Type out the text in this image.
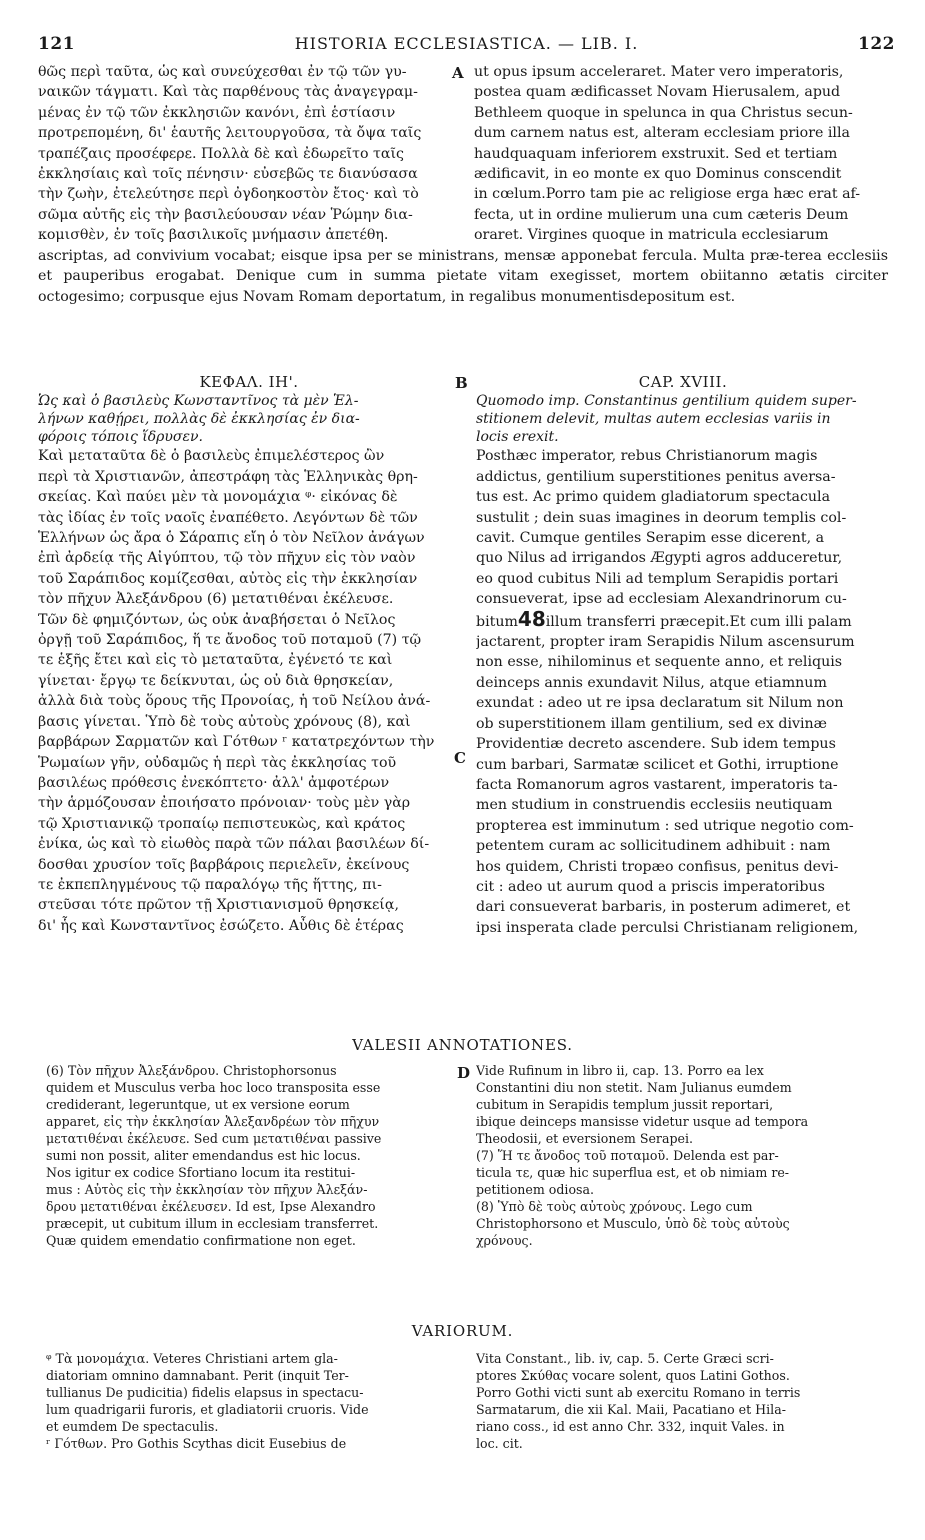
121	HISTORIA ECCLESIASTICA. — LIB. I.	122
θῶς περὶ ταῦτα, ὡς καὶ συνεύχεσθαι ἐν τῷ τῶν γυ-
ναικῶν τάγματι. Καὶ τὰς παρθένους τὰς ἀναγεγραμ-
μένας ἐν τῷ τῶν ἐκκλησιῶν κανόνι, ἐπὶ ἑστίασιν
προτρεπομένη, δι' ἑαυτῆς λειτουργοῦσα, τὰ ὄψα ταῖς
τραπέζαις προσέφερε. Πολλὰ δὲ καὶ ἐδωρεῖτο ταῖς
ἐκκλησίαις καὶ τοῖς πένησιν· εὐσεβῶς τε διανύσασα
τὴν ζωὴν, ἐτελεύτησε περὶ ὀγδοηκοστὸν ἔτος· καὶ τὸ
σῶμα αὐτῆς εἰς τὴν βασιλεύουσαν νέαν Ῥώμην δια-
κομισθὲν, ἐν τοῖς βασιλικοῖς μνήμασιν ἀπετέθη.
A ut opus ipsum acceleraret. Mater vero imperatoris,
postea quam ædificasset Novam Hierusalem, apud
Bethleem quoque in spelunca in qua Christus secun-
dum carnem natus est, alteram ecclesiam priore illa
haudquaquam inferiorem exstruxit. Sed et tertiam
ædificavit, in eo monte ex quo Dominus conscendit
in cœlum.Porro tam pie ac religiose erga hæc erat af-
fecta, ut in ordine mulierum una cum cæteris Deum
oraret. Virgines quoque in matricula ecclesiarum
ascriptas, ad convivium vocabat; eisque ipsa per se ministrans, mensæ apponebat fercula. Multa præ-terea ecclesiis et pauperibus erogabat. Denique cum in summa pietate vitam exegisset, mortem obiitanno ætatis circiter octogesimo; corpusque ejus Novam Romam deportatum, in regalibus monumentisdepositum est.
ΚΕΦΑΛ. ΙΗ'.
Ὡς καὶ ὁ βασιλεὺς Κωνσταντῖνος τὰ μὲν Ἑλ-
λήνων καθῄρει, πολλὰς δὲ ἐκκλησίας ἐν δια-
φόροις τόποις ἵδρυσεν.
Καὶ μεταταῦτα δὲ ὁ βασιλεὺς ἐπιμελέστερος ὢν
περὶ τὰ Χριστιανῶν, ἀπεστράφη τὰς Ἑλληνικὰς θρη-
σκείας. Καὶ παύει μὲν τὰ μονομάχια ᵠ· εἰκόνας δὲ
τὰς ἰδίας ἐν τοῖς ναοῖς ἐναπέθετο. Λεγόντων δὲ τῶν
Ἑλλήνων ὡς ἄρα ὁ Σάραπις εἴη ὁ τὸν Νεῖλον ἀνάγων
ἐπὶ ἀρδείᾳ τῆς Αἰγύπτου, τῷ τὸν πῆχυν εἰς τὸν ναὸν
τοῦ Σαράπιδος κομίζεσθαι, αὐτὸς εἰς τὴν ἐκκλησίαν
τὸν πῆχυν Ἀλεξάνδρου (6) μετατιθέναι ἐκέλευσε.
Τῶν δὲ φημιζόντων, ὡς οὐκ ἀναβήσεται ὁ Νεῖλος
ὀργῇ τοῦ Σαράπιδος, ἥ τε ἄνοδος τοῦ ποταμοῦ (7) τῷ
τε ἑξῆς ἔτει καὶ εἰς τὸ μεταταῦτα, ἐγένετό τε καὶ
γίνεται· ἔργῳ τε δείκνυται, ὡς οὐ διὰ θρησκείαν,
ἀλλὰ διὰ τοὺς ὅρους τῆς Προνοίας, ἡ τοῦ Νείλου ἀνά-
βασις γίνεται. Ὑπὸ δὲ τοὺς αὐτοὺς χρόνους (8), καὶ
βαρβάρων Σαρματῶν καὶ Γότθων ʳ κατατρεχόντων τὴν
Ῥωμαίων γῆν, οὐδαμῶς ἡ περὶ τὰς ἐκκλησίας τοῦ
βασιλέως πρόθεσις ἐνεκόπτετο· ἀλλ' ἀμφοτέρων
τὴν ἁρμόζουσαν ἐποιήσατο πρόνοιαν· τοὺς μὲν γὰρ
τῷ Χριστιανικῷ τροπαίῳ πεπιστευκὼς, καὶ κράτος
ἐνίκα, ὡς καὶ τὸ εἰωθὸς παρὰ τῶν πάλαι βασιλέων δί-
δοσθαι χρυσίον τοῖς βαρβάροις περιελεῖν, ἐκείνους
τε ἐκπεπληγμένους τῷ παραλόγῳ τῆς ἥττης, πι-
στεῦσαι τότε πρῶτον τῇ Χριστιανισμοῦ θρησκείᾳ,
δι' ἧς καὶ Κωνσταντῖνος ἐσώζετο. Αὖθις δὲ ἑτέρας
B
C
CAP. XVIII.
Quomodo imp. Constantinus gentilium quidem super-
stitionem delevit, multas autem ecclesias variis in
locis erexit.
Posthæc imperator, rebus Christianorum magis
addictus, gentilium superstitiones penitus aversa-
tus est. Ac primo quidem gladiatorum spectacula
sustulit ; dein suas imagines in deorum templis col-
cavit. Cumque gentiles Serapim esse dicerent, a
quo Nilus ad irrigandos Ægypti agros adduceretur,
eo quod cubitus Nili ad templum Serapidis portari
consueverat, ipse ad ecclesiam Alexandrinorum cu-
bitum48illum transferri præcepit.Et cum illi palam
jactarent, propter iram Serapidis Nilum ascensurum
non esse, nihilominus et sequente anno, et reliquis
deinceps annis exundavit Nilus, atque etiamnum
exundat : adeo ut re ipsa declaratum sit Nilum non
ob superstitionem illam gentilium, sed ex divinæ
Providentiæ decreto ascendere. Sub idem tempus
cum barbari, Sarmatæ scilicet et Gothi, irruptione
facta Romanorum agros vastarent, imperatoris ta-
men studium in construendis ecclesiis neutiquam
propterea est imminutum : sed utrique negotio com-
petentem curam ac sollicitudinem adhibuit : nam
hos quidem, Christi tropæo confisus, penitus devi-
cit : adeo ut aurum quod a priscis imperatoribus
dari consueverat barbaris, in posterum adimeret, et
ipsi insperata clade perculsi Christianam religionem,
VALESII ANNOTATIONES.
(6) Τὸν πῆχυν Ἀλεξάνδρου. Christophorsonus
quidem et Musculus verba hoc loco transposita esse
crediderant, legeruntque, ut ex versione eorum
apparet, εἰς τὴν ἐκκλησίαν Ἀλεξανδρέων τὸν πῆχυν
μετατιθέναι ἐκέλευσε. Sed cum μετατιθέναι passive
sumi non possit, aliter emendandus est hic locus.
Nos igitur ex codice Sfortiano locum ita restitui-
mus : Αὐτὸς εἰς τὴν ἐκκλησίαν τὸν πῆχυν Ἀλεξάν-
δρου μετατιθέναι ἐκέλευσεν. Id est, Ipse Alexandro
præcepit, ut cubitum illum in ecclesiam transferret.
Quæ quidem emendatio confirmatione non eget.
D Vide Rufinum in libro ii, cap. 13. Porro ea lex
Constantini diu non stetit. Nam Julianus eumdem
cubitum in Serapidis templum jussit reportari,
ibique deinceps mansisse videtur usque ad tempora
Theodosii, et eversionem Serapei.
(7) Ἥ τε ἄνοδος τοῦ ποταμοῦ. Delenda est par-
ticula τε, quæ hic superflua est, et ob nimiam re-
petitionem odiosa.
(8) Ὑπὸ δὲ τοὺς αὐτοὺς χρόνους. Lego cum
Christophorsono et Musculo, ὑπὸ δὲ τοὺς αὐτοὺς
χρόνους.
VARIORUM.
ᵠ Τὰ μονομάχια. Veteres Christiani artem gla-
diatoriam omnino damnabant. Perit (inquit Ter-
tullianus De pudicitia) fidelis elapsus in spectacu-
lum quadrigarii furoris, et gladiatorii cruoris. Vide
et eumdem De spectaculis.
ʳ Γότθων. Pro Gothis Scythas dicit Eusebius de
Vita Constant., lib. iv, cap. 5. Certe Græci scri-
ptores Σκύθας vocare solent, quos Latini Gothos.
Porro Gothi victi sunt ab exercitu Romano in terris
Sarmatarum, die xii Kal. Maii, Pacatiano et Hila-
riano coss., id est anno Chr. 332, inquit Vales. in
loc. cit.
